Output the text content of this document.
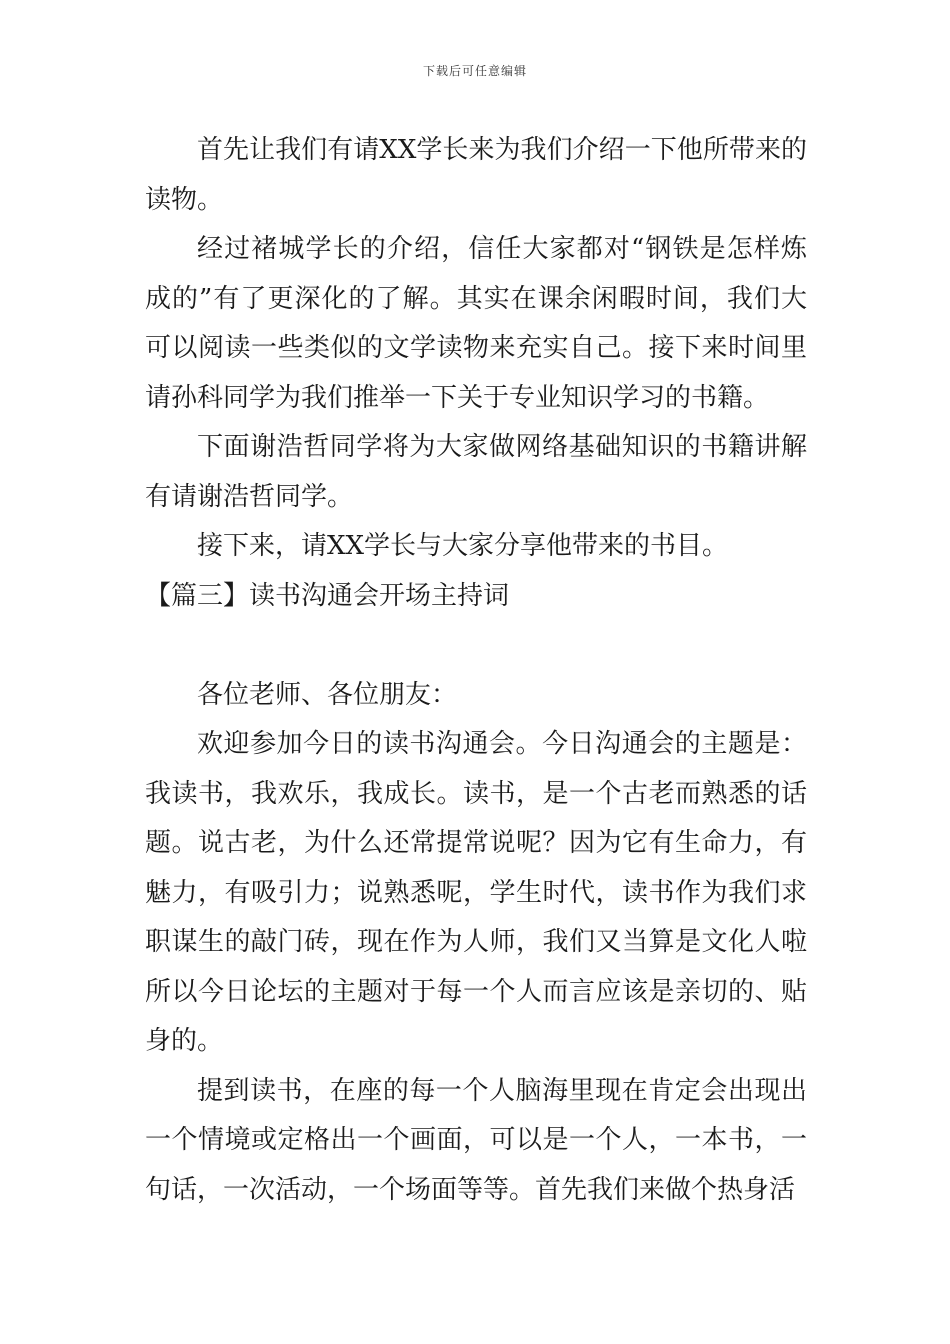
下载后可任意编辑

首先让我们有请XX学长来为我们介绍一下他所带来的读物。

经过褚城学长的介绍，信任大家都对“钢铁是怎样炼成的”有了更深化的了解。其实在课余闲暇时间，我们大可以阅读一些类似的文学读物来充实自己。接下来时间里请孙科同学为我们推举一下关于专业知识学习的书籍。

下面谢浩哲同学将为大家做网络基础知识的书籍讲解有请谢浩哲同学。

接下来，请XX学长与大家分享他带来的书目。

【篇三】读书沟通会开场主持词

各位老师、各位朋友：

欢迎参加今日的读书沟通会。今日沟通会的主题是：我读书，我欢乐，我成长。读书，是一个古老而熟悉的话题。说古老，为什么还常提常说呢？因为它有生命力，有魅力，有吸引力；说熟悉呢，学生时代，读书作为我们求职谋生的敲门砖，现在作为人师，我们又当算是文化人啦所以今日论坛的主题对于每一个人而言应该是亲切的、贴身的。

提到读书，在座的每一个人脑海里现在肯定会出现出一个情境或定格出一个画面，可以是一个人，一本书，一句话，一次活动，一个场面等等。首先我们来做个热身活
